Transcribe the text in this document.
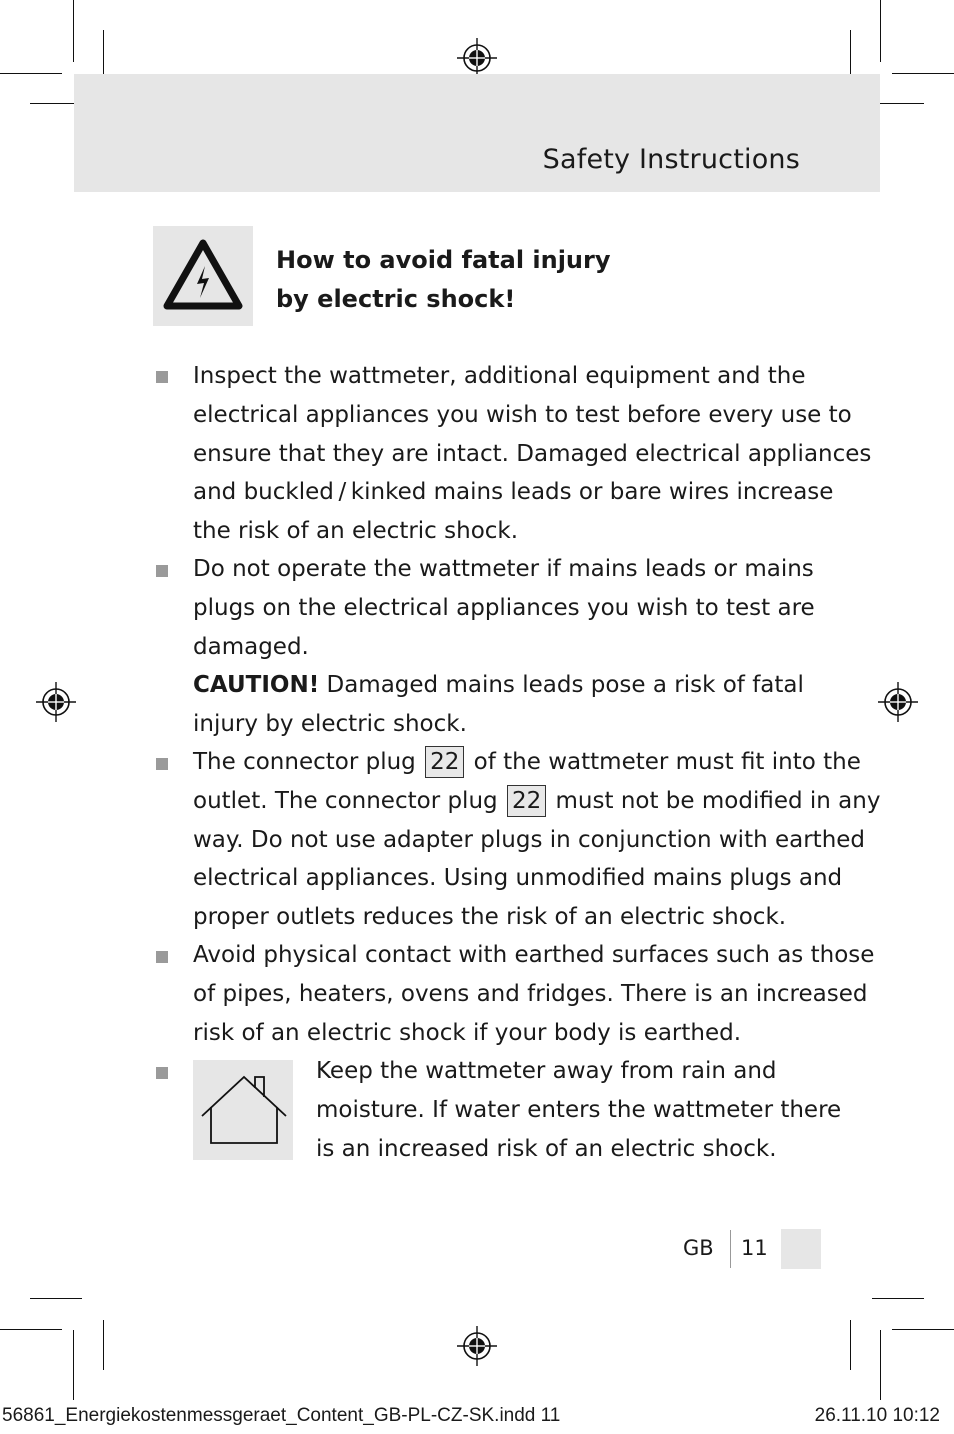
Safety Instructions
How to avoid fatal injury
by electric shock!
Inspect the wattmeter, additional equipment and the
electrical appliances you wish to test before every use to
ensure that they are intact. Damaged electrical appliances
and buckled / kinked mains leads or bare wires increase
the risk of an electric shock.
Do not operate the wattmeter if mains leads or mains
plugs on the electrical appliances you wish to test are
damaged.
CAUTION! Damaged mains leads pose a risk of fatal
injury by electric shock.
The connector plug 22 of the wattmeter must fit into the
outlet. The connector plug 22 must not be modified in any
way. Do not use adapter plugs in conjunction with earthed
electrical appliances. Using unmodified mains plugs and
proper outlets reduces the risk of an electric shock.
Avoid physical contact with earthed surfaces such as those
of pipes, heaters, ovens and fridges. There is an increased
risk of an electric shock if your body is earthed.
Keep the wattmeter away from rain and
moisture. If water enters the wattmeter there
is an increased risk of an electric shock.
GB 11
56861_Energiekostenmessgeraet_Content_GB-PL-CZ-SK.indd 11	26.11.10 10:12
